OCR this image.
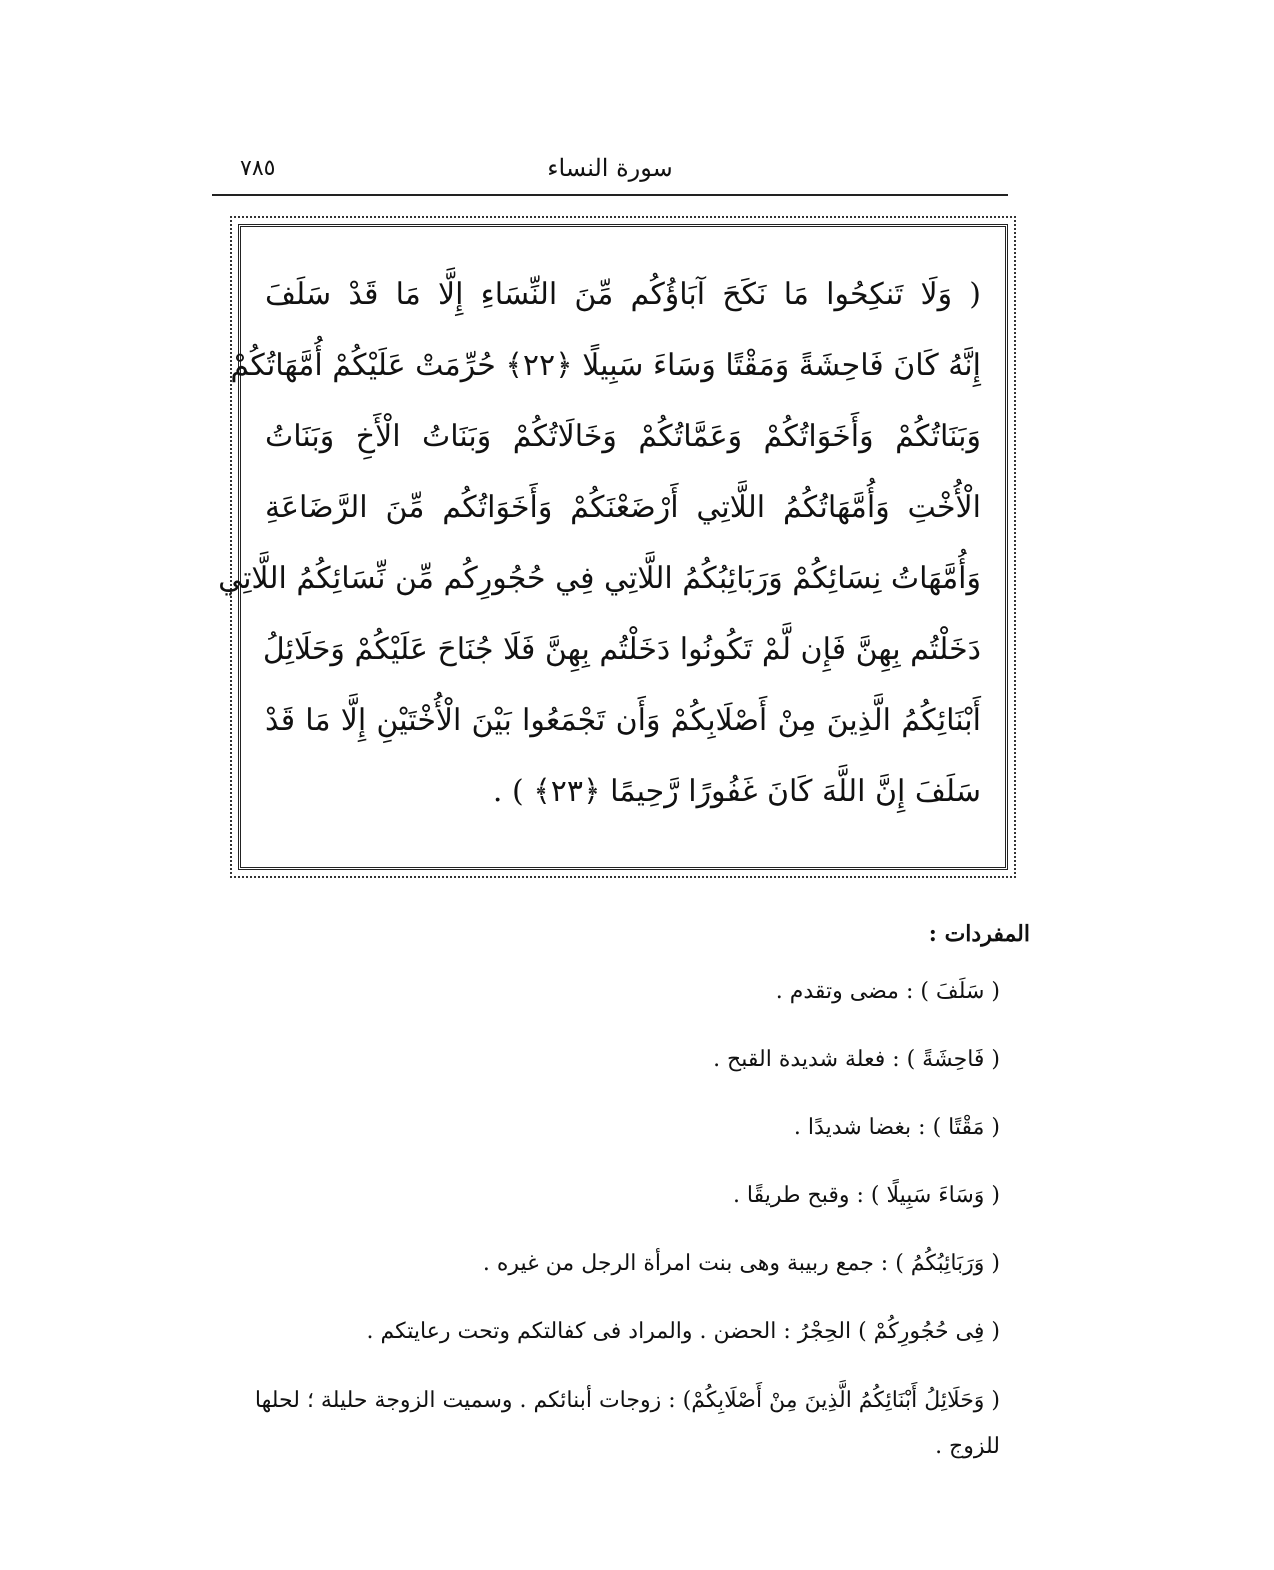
٧٨٥	سورة النساء
( وَلَا تَنكِحُوا مَا نَكَحَ آبَاؤُكُم مِّنَ النِّسَاءِ إِلَّا مَا قَدْ سَلَفَ
إِنَّهُ كَانَ فَاحِشَةً وَمَقْتًا وَسَاءَ سَبِيلًا ﴿٢٢﴾ حُرِّمَتْ عَلَيْكُمْ أُمَّهَاتُكُمْ
وَبَنَاتُكُمْ وَأَخَوَاتُكُمْ وَعَمَّاتُكُمْ وَخَالَاتُكُمْ وَبَنَاتُ الْأَخِ وَبَنَاتُ
الْأُخْتِ وَأُمَّهَاتُكُمُ اللَّاتِي أَرْضَعْنَكُمْ وَأَخَوَاتُكُم مِّنَ الرَّضَاعَةِ
وَأُمَّهَاتُ نِسَائِكُمْ وَرَبَائِبُكُمُ اللَّاتِي فِي حُجُورِكُم مِّن نِّسَائِكُمُ اللَّاتِي
دَخَلْتُم بِهِنَّ فَإِن لَّمْ تَكُونُوا دَخَلْتُم بِهِنَّ فَلَا جُنَاحَ عَلَيْكُمْ وَحَلَائِلُ
أَبْنَائِكُمُ الَّذِينَ مِنْ أَصْلَابِكُمْ وَأَن تَجْمَعُوا بَيْنَ الْأُخْتَيْنِ إِلَّا مَا قَدْ
سَلَفَ إِنَّ اللَّهَ كَانَ غَفُورًا رَّحِيمًا ﴿٢٣﴾ ) .
المفردات :
( سَلَفَ ) : مضى وتقدم .
( فَاحِشَةً ) : فعلة شديدة القبح .
( مَقْتًا ) : بغضا شديدًا .
( وَسَاءَ سَبِيلًا ) : وقبح طريقًا .
( وَرَبَائِبُكُمُ ) : جمع ربيبة وهى بنت امرأة الرجل من غيره .
( فِى حُجُورِكُمْ ) الحِجْرُ : الحضن . والمراد فى كفالتكم وتحت رعايتكم .
( وَحَلَائِلُ أَبْنَائِكُمُ الَّذِينَ مِنْ أَصْلَابِكُمْ) : زوجات أبنائكم . وسميت الزوجة حليلة ؛ لحلها للزوج .
